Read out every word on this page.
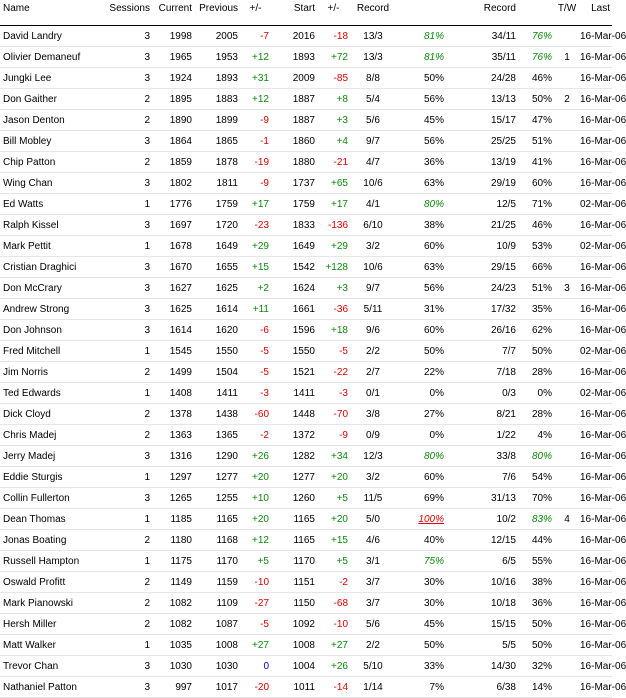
Name	Sessions	Current	Previous	+/-	Start	+/-	Record		Record		T/W	Last
David Landry	3	1998	2005	-7	2016	-18	13/3	81%	34/11	76%		16-Mar-06
Olivier Demaneuf	3	1965	1953	+12	1893	+72	13/3	81%	35/11	76%	1	16-Mar-06
Jungki Lee	3	1924	1893	+31	2009	-85	8/8	50%	24/28	46%		16-Mar-06
Don Gaither	2	1895	1883	+12	1887	+8	5/4	56%	13/13	50%	2	16-Mar-06
Jason Denton	2	1890	1899	-9	1887	+3	5/6	45%	15/17	47%		16-Mar-06
Bill Mobley	3	1864	1865	-1	1860	+4	9/7	56%	25/25	51%		16-Mar-06
Chip Patton	2	1859	1878	-19	1880	-21	4/7	36%	13/19	41%		16-Mar-06
Wing Chan	3	1802	1811	-9	1737	+65	10/6	63%	29/19	60%		16-Mar-06
Ed Watts	1	1776	1759	+17	1759	+17	4/1	80%	12/5	71%		02-Mar-06
Ralph Kissel	3	1697	1720	-23	1833	-136	6/10	38%	21/25	46%		16-Mar-06
Mark Pettit	1	1678	1649	+29	1649	+29	3/2	60%	10/9	53%		02-Mar-06
Cristian Draghici	3	1670	1655	+15	1542	+128	10/6	63%	29/15	66%		16-Mar-06
Don McCrary	3	1627	1625	+2	1624	+3	9/7	56%	24/23	51%	3	16-Mar-06
Andrew Strong	3	1625	1614	+11	1661	-36	5/11	31%	17/32	35%		16-Mar-06
Don Johnson	3	1614	1620	-6	1596	+18	9/6	60%	26/16	62%		16-Mar-06
Fred Mitchell	1	1545	1550	-5	1550	-5	2/2	50%	7/7	50%		02-Mar-06
Jim Norris	2	1499	1504	-5	1521	-22	2/7	22%	7/18	28%		16-Mar-06
Ted Edwards	1	1408	1411	-3	1411	-3	0/1	0%	0/3	0%		02-Mar-06
Dick Cloyd	2	1378	1438	-60	1448	-70	3/8	27%	8/21	28%		16-Mar-06
Chris Madej	2	1363	1365	-2	1372	-9	0/9	0%	1/22	4%		16-Mar-06
Jerry Madej	3	1316	1290	+26	1282	+34	12/3	80%	33/8	80%		16-Mar-06
Eddie Sturgis	1	1297	1277	+20	1277	+20	3/2	60%	7/6	54%		16-Mar-06
Collin Fullerton	3	1265	1255	+10	1260	+5	11/5	69%	31/13	70%		16-Mar-06
Dean Thomas	1	1185	1165	+20	1165	+20	5/0	100%	10/2	83%	4	16-Mar-06
Jonas Boating	2	1180	1168	+12	1165	+15	4/6	40%	12/15	44%		16-Mar-06
Russell Hampton	1	1175	1170	+5	1170	+5	3/1	75%	6/5	55%		16-Mar-06
Oswald Profitt	2	1149	1159	-10	1151	-2	3/7	30%	10/16	38%		16-Mar-06
Mark Pianowski	2	1082	1109	-27	1150	-68	3/7	30%	10/18	36%		16-Mar-06
Hersh Miller	2	1082	1087	-5	1092	-10	5/6	45%	15/15	50%		16-Mar-06
Matt Walker	1	1035	1008	+27	1008	+27	2/2	50%	5/5	50%		16-Mar-06
Trevor Chan	3	1030	1030	0	1004	+26	5/10	33%	14/30	32%		16-Mar-06
Nathaniel Patton	3	997	1017	-20	1011	-14	1/14	7%	6/38	14%		16-Mar-06
